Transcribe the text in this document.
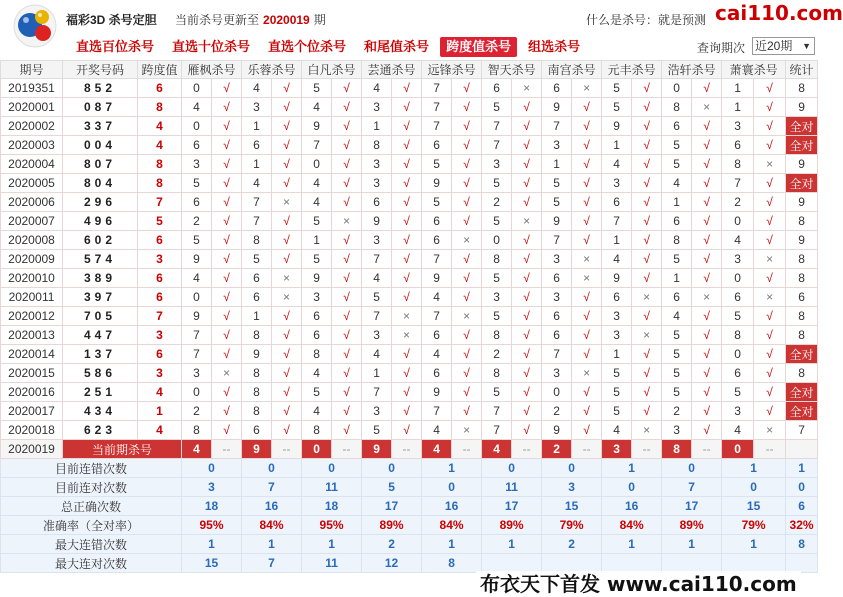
福彩3D 杀号定胆 当前杀号更新至 2020019 期	什么是杀号：就是预测 cai110.com
直选百位杀号 直选十位杀号 直选个位杀号 和尾值杀号	跨度值杀号	组选杀号	查询期次 近20期 ▼
期号	开奖号码	跨度值	雁枫杀号		乐蓉杀号		白凡杀号		芸通杀号		远锋杀号		智天杀号		南宫杀号		元丰杀号		浩轩杀号		萧寰杀号		统计
2019351	852	6	0	√	4	√	5	√	4	√	7	√	6	×	6	×	5	√	0	√	1	√	8
2020001	087	8	4	√	3	√	4	√	3	√	7	√	5	√	9	√	5	√	8	×	1	√	9
2020002	337	4	0	√	1	√	9	√	1	√	7	√	7	√	7	√	9	√	6	√	3	√	全对
2020003	004	4	6	√	6	√	7	√	8	√	6	√	7	√	3	√	1	√	5	√	6	√	全对
2020004	807	8	3	√	1	√	0	√	3	√	5	√	3	√	1	√	4	√	5	√	8	×	9
2020005	804	8	5	√	4	√	4	√	3	√	9	√	5	√	5	√	3	√	4	√	7	√	全对
2020006	296	7	6	√	7	×	4	√	6	√	5	√	2	√	5	√	6	√	1	√	2	√	9
2020007	496	5	2	√	7	√	5	×	9	√	6	√	5	×	9	√	7	√	6	√	0	√	8
2020008	602	6	5	√	8	√	1	√	3	√	6	×	0	√	7	√	1	√	8	√	4	√	9
2020009	574	3	9	√	5	√	5	√	7	√	7	√	8	√	3	×	4	√	5	√	3	×	8
2020010	389	6	4	√	6	×	9	√	4	√	9	√	5	√	6	×	9	√	1	√	0	√	8
2020011	397	6	0	√	6	×	3	√	5	√	4	√	3	√	3	√	6	×	6	×	6	×	6
2020012	705	7	9	√	1	√	6	√	7	×	7	×	5	√	6	√	3	√	4	√	5	√	8
2020013	447	3	7	√	8	√	6	√	3	×	6	√	8	√	6	√	3	×	5	√	8	√	8
2020014	137	6	7	√	9	√	8	√	4	√	4	√	2	√	7	√	1	√	5	√	0	√	全对
2020015	586	3	3	×	8	√	4	√	1	√	6	√	8	√	3	×	5	√	5	√	6	√	8
2020016	251	4	0	√	8	√	5	√	7	√	9	√	5	√	0	√	5	√	5	√	5	√	全对
2020017	434	1	2	√	8	√	4	√	3	√	7	√	7	√	2	√	5	√	2	√	3	√	全对
2020018	623	4	8	√	6	√	8	√	5	√	4	×	7	√	9	√	4	×	3	√	4	×	7
2020019	当前期杀号		4	--	9	--	0	--	9	--	4	--	4	--	2	--	3	--	8	--	0	--	
目前连错次数			0		0		0		0		1		0		0		1		0		1		1
目前连对次数			3		7		11		5		0		11		3		0		7		0		0
总正确次数			18		16		18		17		16		17		15		16		17		15		6
准确率（全对率）			95%		84%		95%		89%		84%		89%		79%		84%		89%		79%		32%
最大连错次数			1		1		1		2		1		1		2		1		1		1		8
最大连对次数			15		7		11		12		8												
布衣天下首发 www.cai110.com
